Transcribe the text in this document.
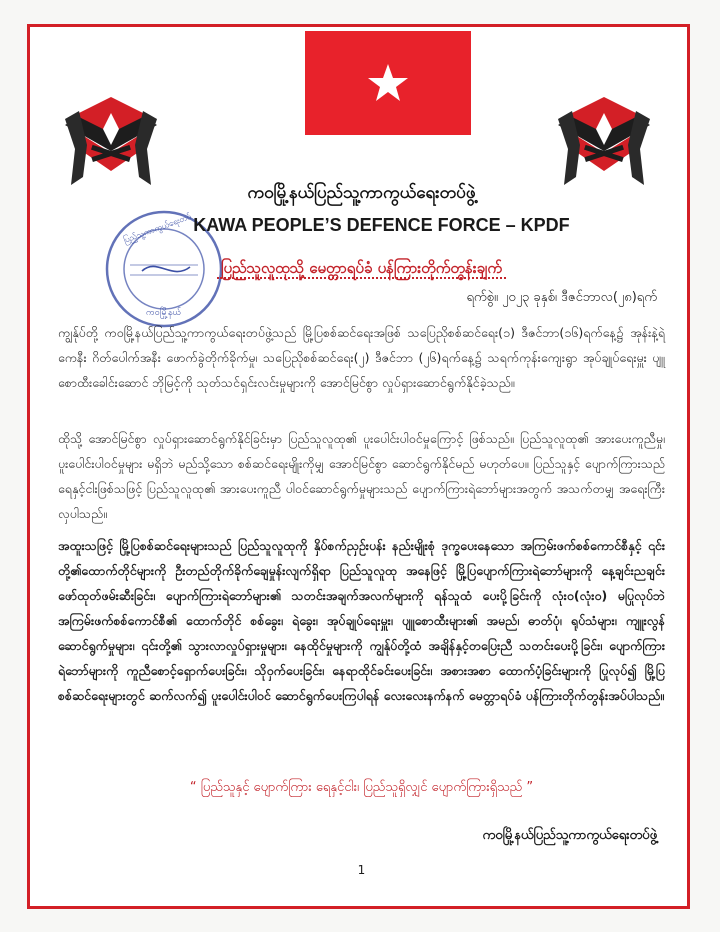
ပြည်သူ့ကာကွယ်ရေးတပ်
ကဝမြို့နယ်
ကဝမြို့နယ်ပြည်သူ့ကာကွယ်ရေးတပ်ဖွဲ့
KAWA PEOPLE’S DEFENCE FORCE – KPDF
ပြည်သူလူထုသို့ မေတ္တာရပ်ခံ ပန်ကြားတိုက်တွန်းချက်
ရက်စွဲ။ ၂၀၂၃ ခုနှစ်၊ ဒီဇင်ဘာလ(၂၈)ရက်

ကျွန်ုပ်တို့ ကဝမြို့နယ်ပြည်သူ့ကာကွယ်ရေးတပ်ဖွဲ့သည် မြို့ပြစစ်ဆင်ရေးအဖြစ် သပြေညိုစစ်ဆင်ရေး(၁) ဒီဇင်ဘာ(၁၆)ရက်နေ့၌ အုန်းနဲ့ရဲကေနီး ဂိတ်ပေါက်အနီး ဖောက်ခွဲတိုက်ခိုက်မှု၊ သပြေညိုစစ်ဆင်ရေး(၂) ဒီဇင်ဘာ (၂၆)ရက်နေ့၌ သရက်ကုန်းကျေးရွာ အုပ်ချုပ်ရေးမှူး ပျူစောထီးခေါင်းဆောင် ဘိုမြင့်ကို သုတ်သင်ရှင်းလင်းမှုများကို အောင်မြင်စွာ လှုပ်ရှားဆောင်ရွက်နိုင်ခဲ့သည်။

ထိုသို့ အောင်မြင်စွာ လှုပ်ရှားဆောင်ရွက်နိုင်ခြင်းမှာ ပြည်သူလူထု၏ ပူးပေါင်းပါဝင်မှုကြောင့် ဖြစ်သည်။ ပြည်သူလူထု၏ အားပေးကူညီမှု၊ ပူးပေါင်းပါဝင်မှုများ မရှိဘဲ မည်သို့သော စစ်ဆင်ရေးမျိုးကိုမျှ အောင်မြင်စွာ ဆောင်ရွက်နိုင်မည် မဟုတ်ပေ။ ပြည်သူနှင့် ပျောက်ကြားသည် ရေနှင့်ငါးဖြစ်သဖြင့် ပြည်သူလူထု၏ အားပေးကူညီ ပါဝင်ဆောင်ရွက်မှုများသည် ပျောက်ကြားရဲဘော်များအတွက် အသက်တမျှ အရေးကြီးလှပါသည်။

အထူးသဖြင့် မြို့ပြစစ်ဆင်ရေးများသည် ပြည်သူလူထုကို နှိပ်စက်ညှဉ်းပန်း နည်းမျိုးစုံ ဒုက္ခပေးနေသော အကြမ်းဖက်စစ်ကောင်စီနှင့် ၎င်းတို့၏ထောက်တိုင်များကို ဦးတည်တိုက်ခိုက်ချေမှုန်းလျက်ရှိရာ ပြည်သူလူထု အနေဖြင့် မြို့ပြပျောက်ကြားရဲဘော်များကို နေ့ချင်းညချင်း ဖော်ထုတ်ဖမ်းဆီးခြင်း၊ ပျောက်ကြားရဲဘော်များ၏ သတင်းအချက်အလက်များကို ရန်သူထံ ပေးပို့ခြင်းကို လုံး၀(လုံး၀) မပြုလုပ်ဘဲ အကြမ်းဖက်စစ်ကောင်စီ၏ ထောက်တိုင် စစ်ခွေး၊ ရဲခွေး၊ အုပ်ချုပ်ရေးမှူး၊ ပျူစောထီးများ၏ အမည်၊ ဓာတ်ပုံ၊ ရုပ်သံများ၊ ကျူးလွန်ဆောင်ရွက်မှုများ၊ ၎င်းတို့၏ သွားလာလှုပ်ရှားမှုများ၊ နေထိုင်မှုများကို ကျွန်ုပ်တို့ထံ အချိန်နှင့်တပြေးညီ သတင်းပေးပို့ခြင်း၊ ပျောက်ကြားရဲဘော်များကို ကူညီစောင့်ရှောက်ပေးခြင်း၊ သို၀ှက်ပေးခြင်း၊ နေရာထိုင်ခင်းပေးခြင်း၊ အစားအစာ ထောက်ပံ့ခြင်းများကို ပြုလုပ်၍ မြို့ပြစစ်ဆင်ရေးများတွင် ဆက်လက်၍ ပူးပေါင်းပါဝင် ဆောင်ရွက်ပေးကြပါရန် လေးလေးနက်နက် မေတ္တာရပ်ခံ ပန်ကြားတိုက်တွန်းအပ်ပါသည်။

“ ပြည်သူနှင့် ပျောက်ကြား ရေနှင့်ငါး၊ ပြည်သူရှိလျှင် ပျောက်ကြားရှိသည် ”
ကဝမြို့နယ်ပြည်သူ့ကာကွယ်ရေးတပ်ဖွဲ့
1
